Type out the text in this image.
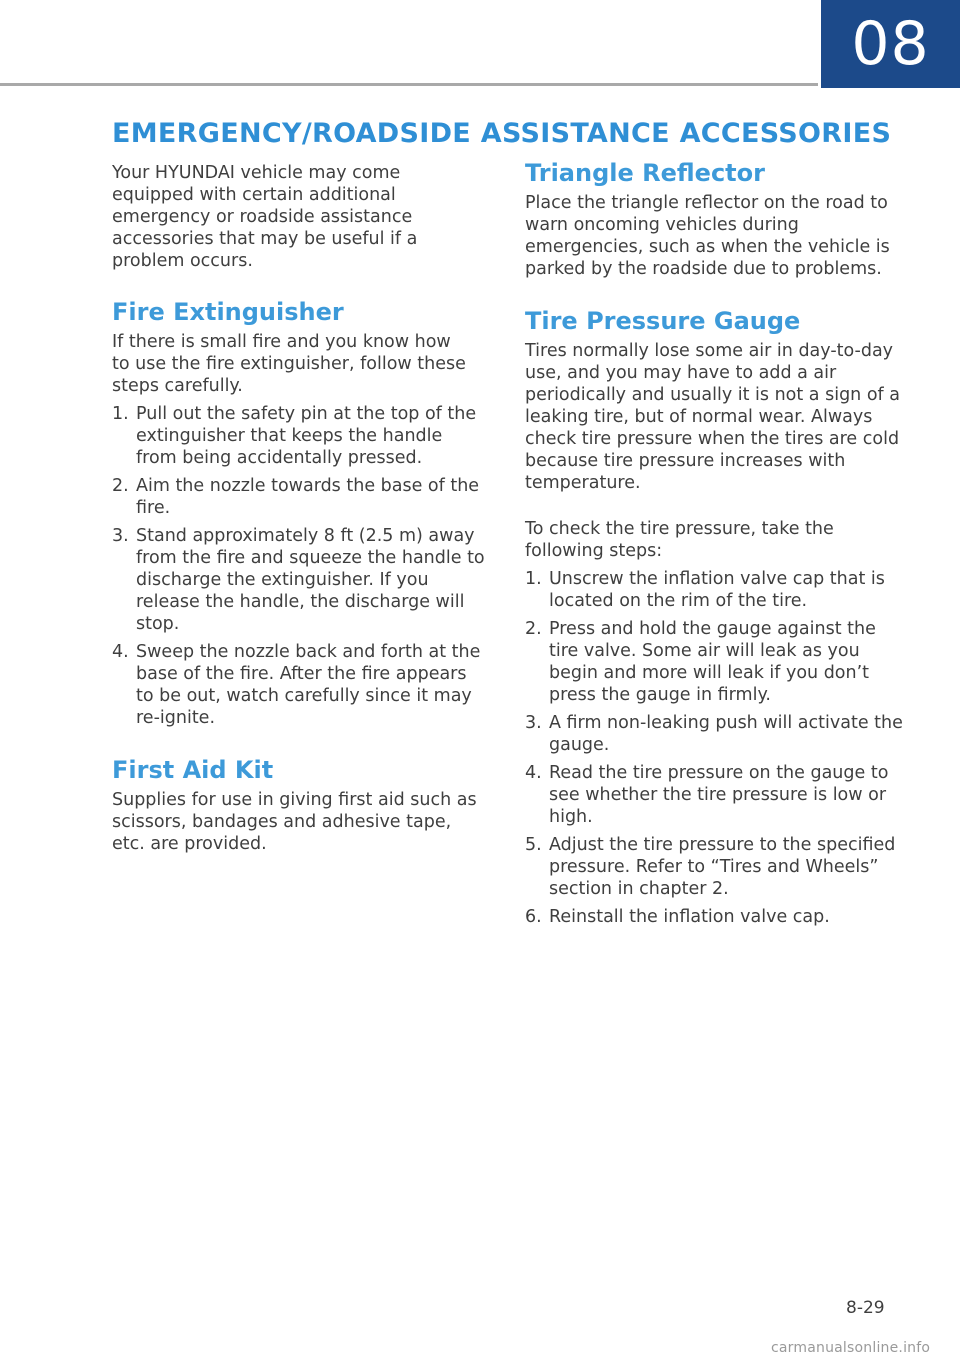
08
EMERGENCY/ROADSIDE ASSISTANCE ACCESSORIES

Your HYUNDAI vehicle may come equipped with certain additional emergency or roadside assistance accessories that may be useful if a problem occurs.

Fire Extinguisher

If there is small fire and you know how to use the fire extinguisher, follow these steps carefully.

1. Pull out the safety pin at the top of the extinguisher that keeps the handle from being accidentally pressed.
2. Aim the nozzle towards the base of the fire.
3. Stand approximately 8 ft (2.5 m) away from the fire and squeeze the handle to discharge the extinguisher. If you release the handle, the discharge will stop.
4. Sweep the nozzle back and forth at the base of the fire. After the fire appears to be out, watch carefully since it may re-ignite.
First Aid Kit

Supplies for use in giving first aid such as scissors, bandages and adhesive tape, etc. are provided.

Triangle Reflector

Place the triangle reflector on the road to warn oncoming vehicles during emergencies, such as when the vehicle is parked by the roadside due to problems.

Tire Pressure Gauge

Tires normally lose some air in day-to-day use, and you may have to add a air periodically and usually it is not a sign of a leaking tire, but of normal wear. Always check tire pressure when the tires are cold because tire pressure increases with temperature.

To check the tire pressure, take the following steps:

1. Unscrew the inflation valve cap that is located on the rim of the tire.
2. Press and hold the gauge against the tire valve. Some air will leak as you begin and more will leak if you don’t press the gauge in firmly.
3. A firm non-leaking push will activate the gauge.
4. Read the tire pressure on the gauge to see whether the tire pressure is low or high.
5. Adjust the tire pressure to the specified pressure. Refer to “Tires and Wheels” section in chapter 2.
6. Reinstall the inflation valve cap.
8-29
carmanualsonline.info
